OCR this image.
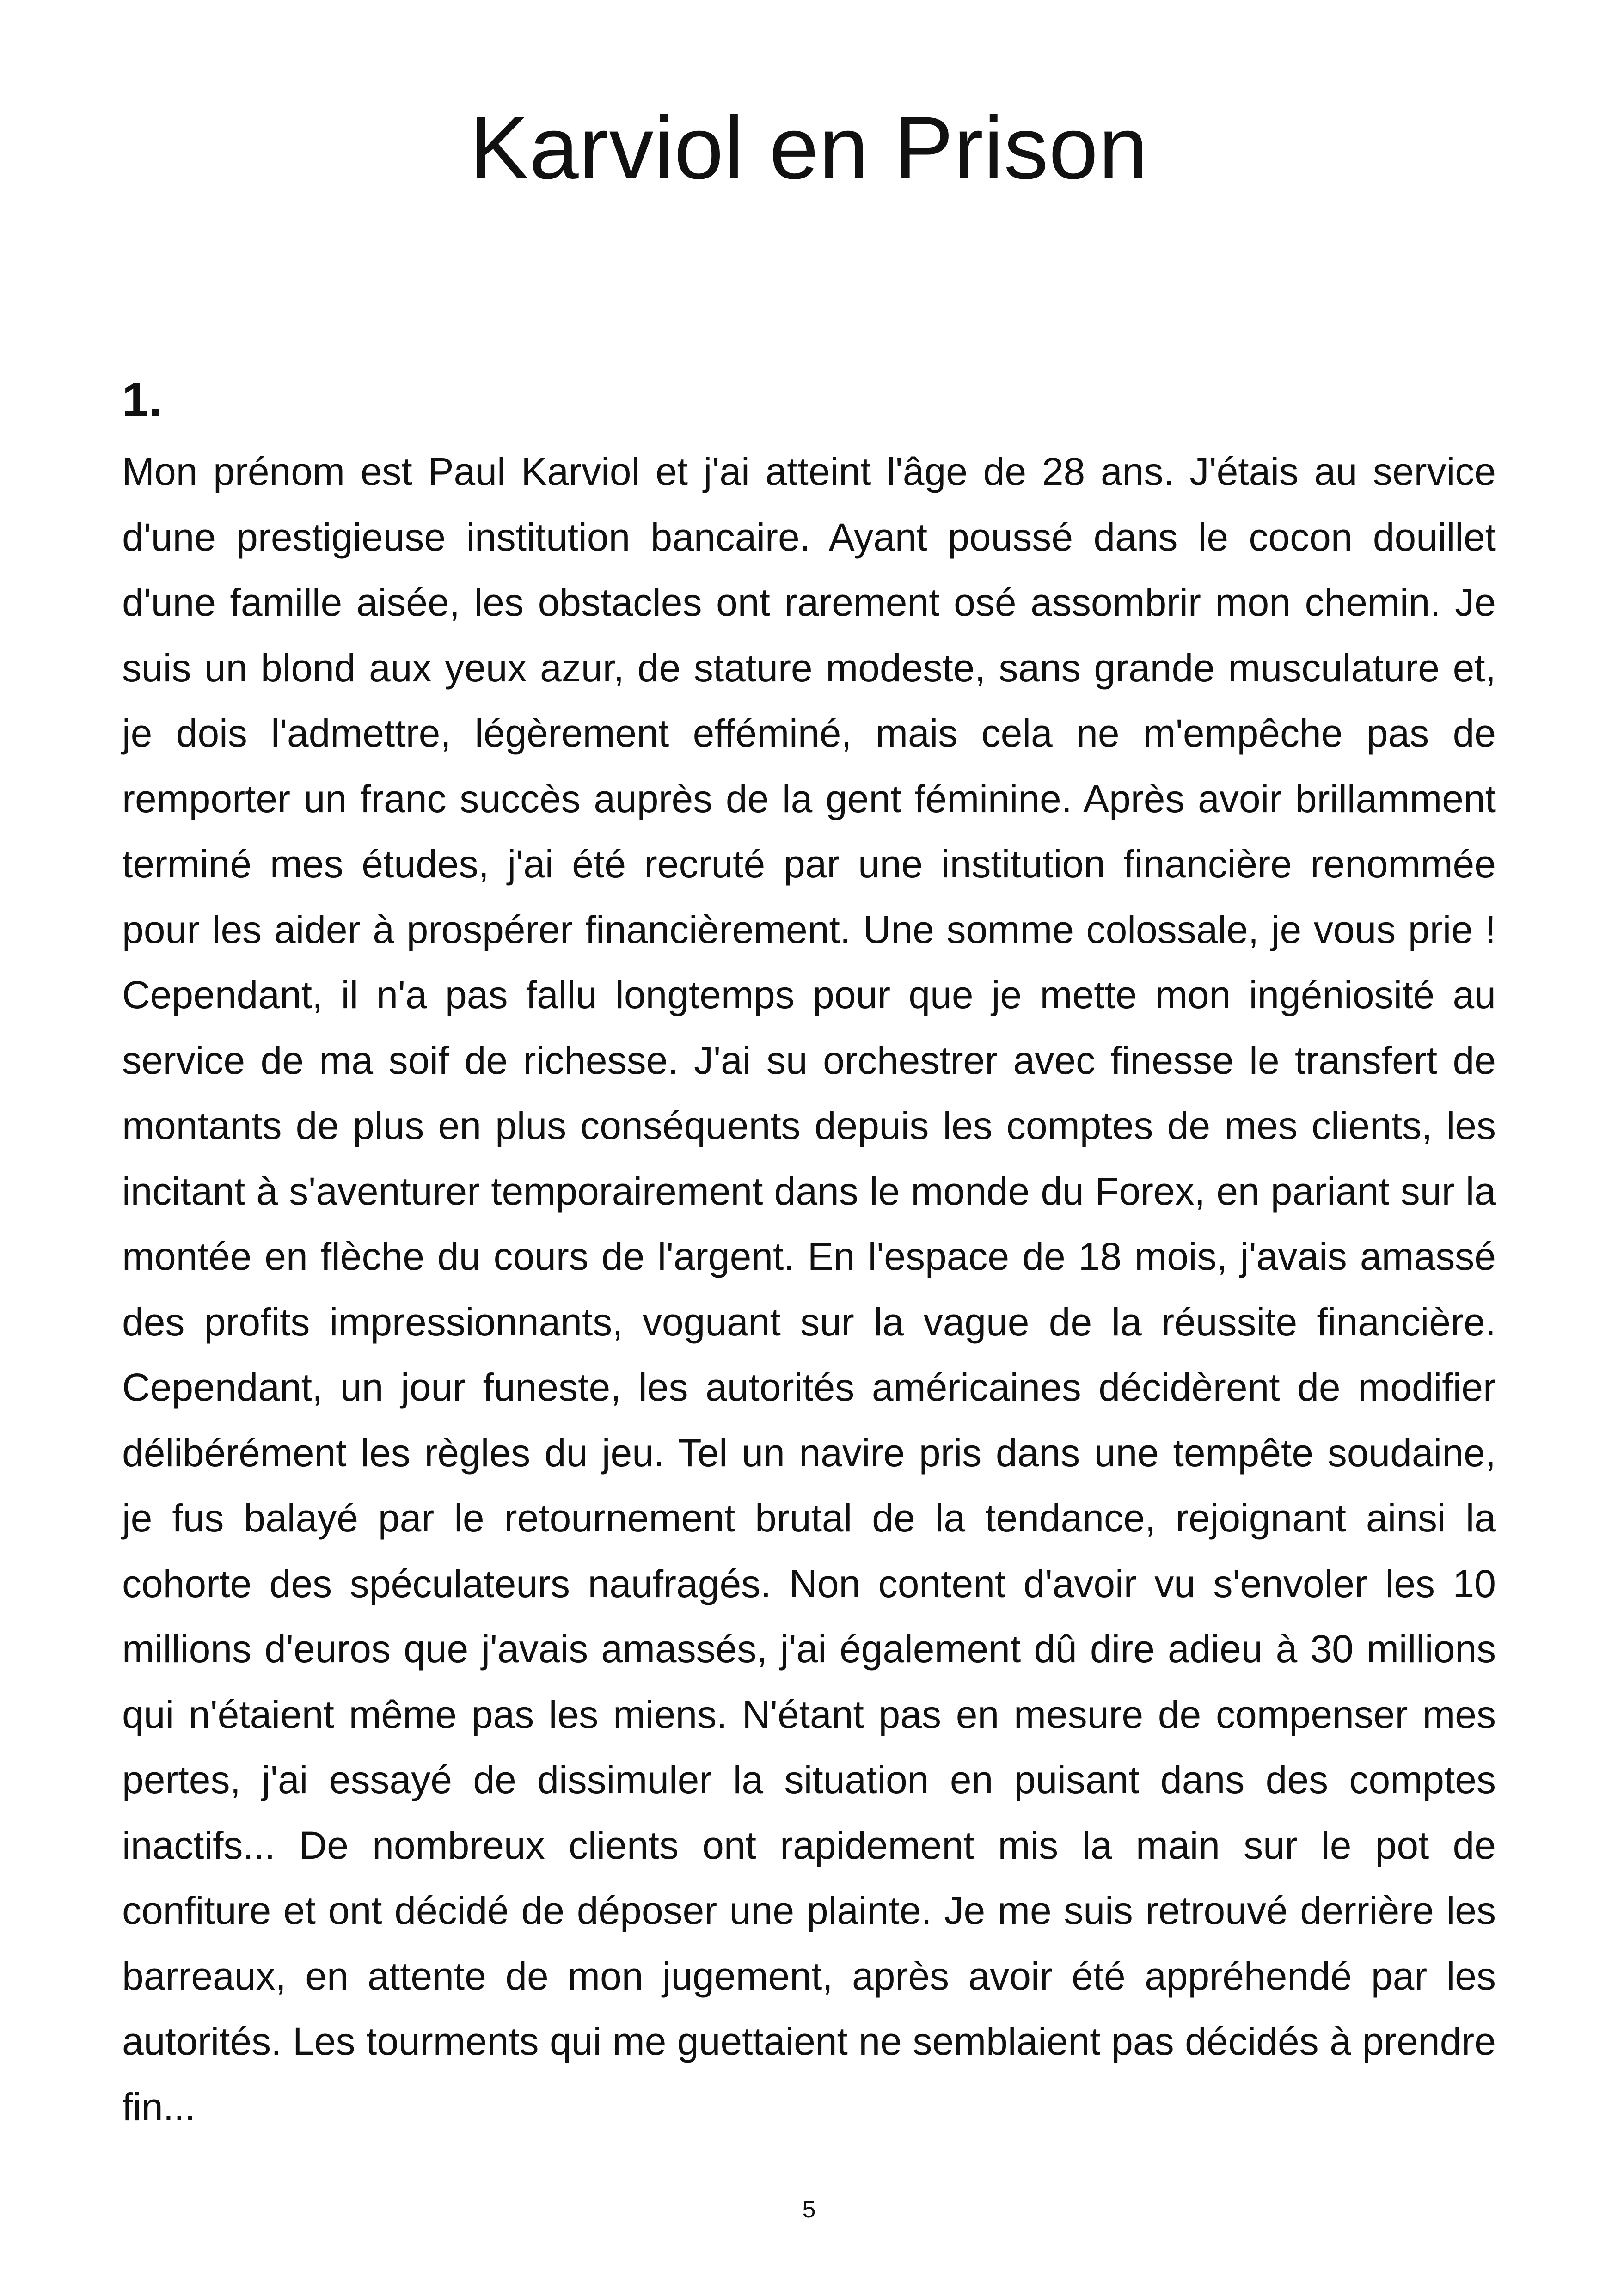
Karviol en Prison
1.

Mon prénom est Paul Karviol et j'ai atteint l'âge de 28 ans. J'étais au service d'une prestigieuse institution bancaire. Ayant poussé dans le cocon douillet d'une famille aisée, les obstacles ont rarement osé assombrir mon chemin. Je suis un blond aux yeux azur, de stature modeste, sans grande musculature et, je dois l'admettre, légèrement efféminé, mais cela ne m'empêche pas de remporter un franc succès auprès de la gent féminine. Après avoir brillamment terminé mes études, j'ai été recruté par une institution financière renommée pour les aider à prospérer financièrement. Une somme colossale, je vous prie ! Cependant, il n'a pas fallu longtemps pour que je mette mon ingéniosité au service de ma soif de richesse. J'ai su orchestrer avec finesse le transfert de montants de plus en plus conséquents depuis les comptes de mes clients, les incitant à s'aventurer temporairement dans le monde du Forex, en pariant sur la montée en flèche du cours de l'argent. En l'espace de 18 mois, j'avais amassé des profits impressionnants, voguant sur la vague de la réussite financière. Cependant, un jour funeste, les autorités américaines décidèrent de modifier délibérément les règles du jeu. Tel un navire pris dans une tempête soudaine, je fus balayé par le retournement brutal de la tendance, rejoignant ainsi la cohorte des spéculateurs naufragés. Non content d'avoir vu s'envoler les 10 millions d'euros que j'avais amassés, j'ai également dû dire adieu à 30 millions qui n'étaient même pas les miens. N'étant pas en mesure de compenser mes pertes, j'ai essayé de dissimuler la situation en puisant dans des comptes inactifs... De nombreux clients ont rapidement mis la main sur le pot de confiture et ont décidé de déposer une plainte. Je me suis retrouvé derrière les barreaux, en attente de mon jugement, après avoir été appréhendé par les autorités. Les tourments qui me guettaient ne semblaient pas décidés à prendre fin...

5
